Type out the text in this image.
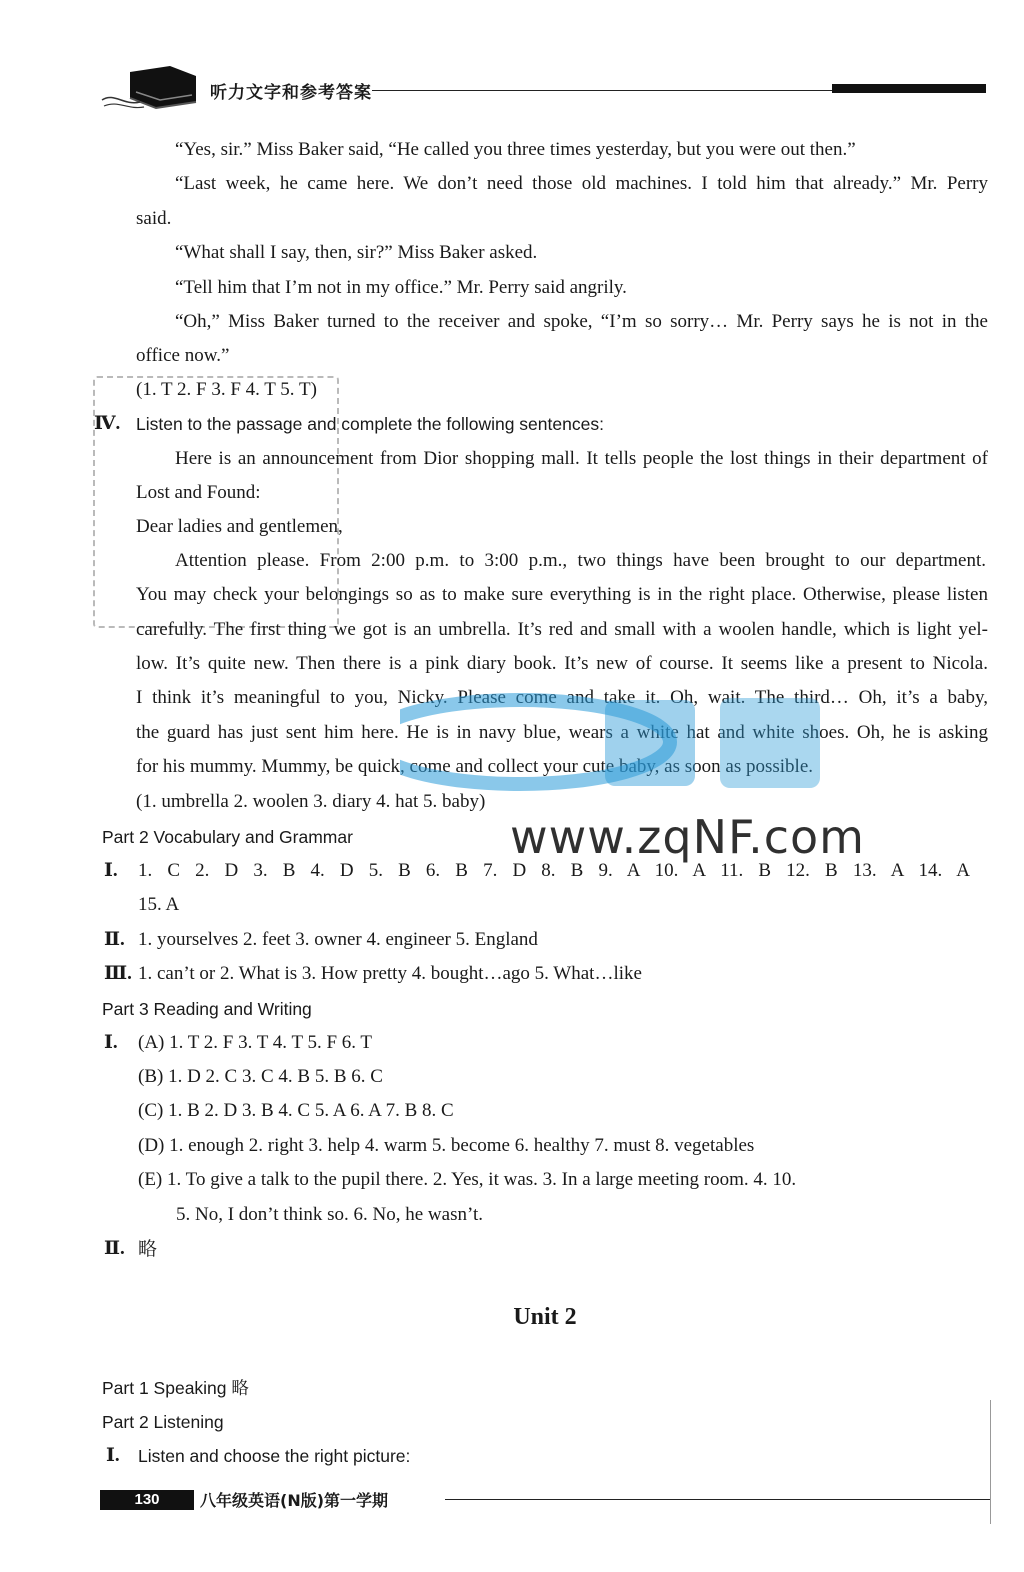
听力文字和参考答案
“Yes, sir.” Miss Baker said, “He called you three times yesterday, but you were out then.”
“Last week, he came here. We don’t need those old machines. I told him that already.” Mr. Perry
said.
“What shall I say, then, sir?” Miss Baker asked.
“Tell him that I’m not in my office.” Mr. Perry said angrily.
“Oh,” Miss Baker turned to the receiver and spoke, “I’m so sorry… Mr. Perry says he is not in the
office now.”
(1. T 2. F 3. F 4. T 5. T)
Ⅳ. Listen to the passage and complete the following sentences:
Here is an announcement from Dior shopping mall. It tells people the lost things in their department of
Lost and Found:
Dear ladies and gentlemen,
Attention please. From 2:00 p.m. to 3:00 p.m., two things have been brought to our department.
You may check your belongings so as to make sure everything is in the right place. Otherwise, please listen
carefully. The first thing we got is an umbrella. It’s red and small with a woolen handle, which is light yel-
low. It’s quite new. Then there is a pink diary book. It’s new of course. It seems like a present to Nicola.
I think it’s meaningful to you, Nicky. Please come and take it. Oh, wait. The third… Oh, it’s a baby,
the guard has just sent him here. He is in navy blue, wears a white hat and white shoes. Oh, he is asking
for his mummy. Mummy, be quick, come and collect your cute baby, as soon as possible.
(1. umbrella 2. woolen 3. diary 4. hat 5. baby)
www.zqNF.com
Part 2 Vocabulary and Grammar
Ⅰ. 1. C 2. D 3. B 4. D 5. B 6. B 7. D 8. B 9. A 10. A 11. B 12. B 13. A 14. A
15. A
Ⅱ. 1. yourselves 2. feet 3. owner 4. engineer 5. England
Ⅲ. 1. can’t or 2. What is 3. How pretty 4. bought…ago 5. What…like
Part 3 Reading and Writing
Ⅰ. (A) 1. T 2. F 3. T 4. T 5. F 6. T
(B) 1. D 2. C 3. C 4. B 5. B 6. C
(C) 1. B 2. D 3. B 4. C 5. A 6. A 7. B 8. C
(D) 1. enough 2. right 3. help 4. warm 5. become 6. healthy 7. must 8. vegetables
(E) 1. To give a talk to the pupil there. 2. Yes, it was. 3. In a large meeting room. 4. 10.
5. No, I don’t think so. 6. No, he wasn’t.
Ⅱ. 略
Unit 2
Part 1 Speaking 略
Part 2 Listening
Ⅰ. Listen and choose the right picture:
130	八年级英语(N版)第一学期
